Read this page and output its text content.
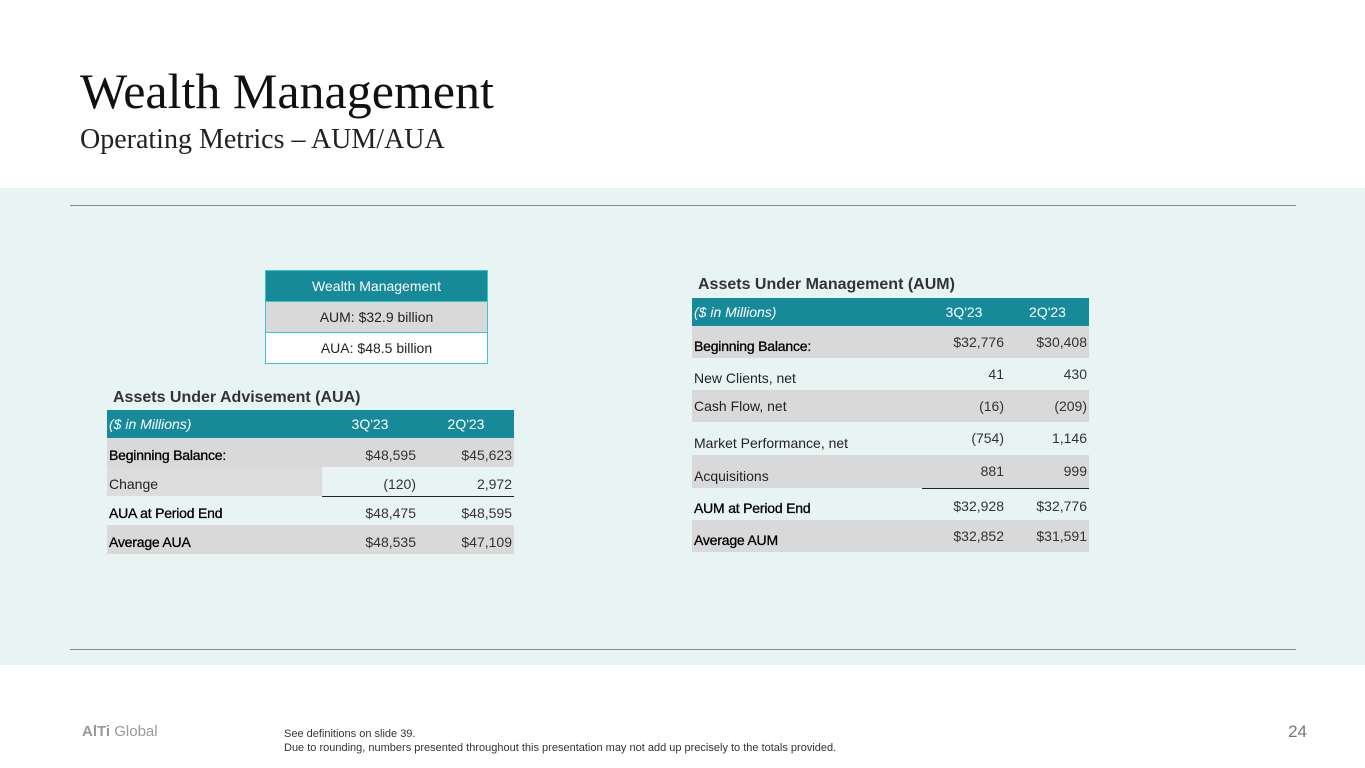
Wealth Management
Operating Metrics – AUM/AUA
Wealth Management
AUM: $32.9 billion
AUA: $48.5 billion
Assets Under Advisement (AUA)
($ in Millions)	3Q'23	2Q'23
Beginning Balance:	$48,595	$45,623
Change	(120)	2,972
AUA at Period End	$48,475	$48,595
Average AUA	$48,535	$47,109
Assets Under Management (AUM)
($ in Millions)	3Q'23	2Q'23
Beginning Balance:	$32,776	$30,408
New Clients, net	41	430
Cash Flow, net	(16)	(209)
Market Performance, net	(754)	1,146
Acquisitions	881	999
AUM at Period End	$32,928	$32,776
Average AUM	$32,852	$31,591
AlTi Global	See definitions on slide 39.
Due to rounding, numbers presented throughout this presentation may not add up precisely to the totals provided.
24
